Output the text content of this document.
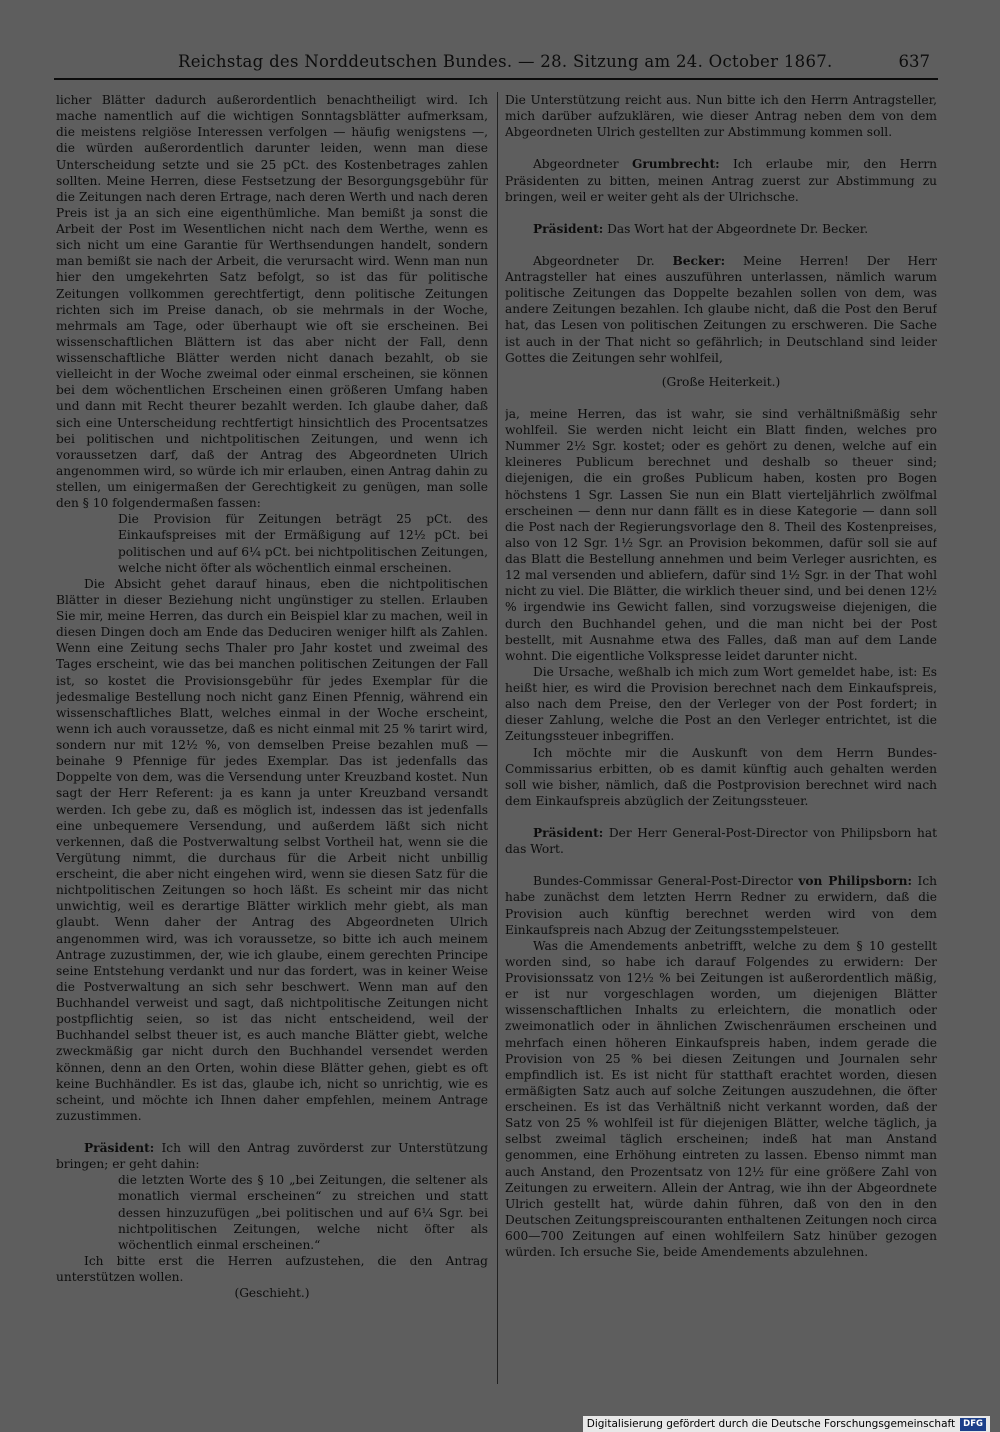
Reichstag des Norddeutschen Bundes. — 28. Sitzung am 24. October 1867.	637

licher Blätter dadurch außerordentlich benachtheiligt wird. Ich mache namentlich auf die wichtigen Sonntagsblätter aufmerksam, die meistens relgiöse Interessen verfolgen — häufig wenigstens —, die würden außerordentlich darunter leiden, wenn man diese Unterscheidung setzte und sie 25 pCt. des Kostenbetrages zahlen sollten. Meine Herren, diese Festsetzung der Besorgungsgebühr für die Zeitungen nach deren Ertrage, nach deren Werth und nach deren Preis ist ja an sich eine eigenthümliche. Man bemißt ja sonst die Arbeit der Post im Wesentlichen nicht nach dem Werthe, wenn es sich nicht um eine Garantie für Werthsendungen handelt, sondern man bemißt sie nach der Arbeit, die verursacht wird. Wenn man nun hier den umgekehrten Satz befolgt, so ist das für politische Zeitungen vollkommen gerechtfertigt, denn politische Zeitungen richten sich im Preise danach, ob sie mehrmals in der Woche, mehrmals am Tage, oder überhaupt wie oft sie erscheinen. Bei wissenschaftlichen Blättern ist das aber nicht der Fall, denn wissenschaftliche Blätter werden nicht danach bezahlt, ob sie vielleicht in der Woche zweimal oder einmal erscheinen, sie können bei dem wöchentlichen Erscheinen einen größeren Umfang haben und dann mit Recht theurer bezahlt werden. Ich glaube daher, daß sich eine Unterscheidung rechtfertigt hinsichtlich des Procentsatzes bei politischen und nichtpolitischen Zeitungen, und wenn ich voraussetzen darf, daß der Antrag des Abgeordneten Ulrich angenommen wird, so würde ich mir erlauben, einen Antrag dahin zu stellen, um einigermaßen der Gerechtigkeit zu genügen, man solle den § 10 folgendermaßen fassen:

Die Provision für Zeitungen beträgt 25 pCt. des Einkaufspreises mit der Ermäßigung auf 12½ pCt. bei politischen und auf 6¼ pCt. bei nichtpolitischen Zeitungen, welche nicht öfter als wöchentlich einmal erscheinen.

Die Absicht gehet darauf hinaus, eben die nichtpolitischen Blätter in dieser Beziehung nicht ungünstiger zu stellen. Erlauben Sie mir, meine Herren, das durch ein Beispiel klar zu machen, weil in diesen Dingen doch am Ende das Deduciren weniger hilft als Zahlen. Wenn eine Zeitung sechs Thaler pro Jahr kostet und zweimal des Tages erscheint, wie das bei manchen politischen Zeitungen der Fall ist, so kostet die Provisionsgebühr für jedes Exemplar für die jedesmalige Bestellung noch nicht ganz Einen Pfennig, während ein wissenschaftliches Blatt, welches einmal in der Woche erscheint, wenn ich auch voraussetze, daß es nicht einmal mit 25 % tarirt wird, sondern nur mit 12½ %, von demselben Preise bezahlen muß — beinahe 9 Pfennige für jedes Exemplar. Das ist jedenfalls das Doppelte von dem, was die Versendung unter Kreuzband kostet. Nun sagt der Herr Referent: ja es kann ja unter Kreuzband versandt werden. Ich gebe zu, daß es möglich ist, indessen das ist jedenfalls eine unbequemere Versendung, und außerdem läßt sich nicht verkennen, daß die Postverwaltung selbst Vortheil hat, wenn sie die Vergütung nimmt, die durchaus für die Arbeit nicht unbillig erscheint, die aber nicht eingehen wird, wenn sie diesen Satz für die nichtpolitischen Zeitungen so hoch läßt. Es scheint mir das nicht unwichtig, weil es derartige Blätter wirklich mehr giebt, als man glaubt. Wenn daher der Antrag des Abgeordneten Ulrich angenommen wird, was ich voraussetze, so bitte ich auch meinem Antrage zuzustimmen, der, wie ich glaube, einem gerechten Principe seine Entstehung verdankt und nur das fordert, was in keiner Weise die Postverwaltung an sich sehr beschwert. Wenn man auf den Buchhandel verweist und sagt, daß nichtpolitische Zeitungen nicht postpflichtig seien, so ist das nicht entscheidend, weil der Buchhandel selbst theuer ist, es auch manche Blätter giebt, welche zweckmäßig gar nicht durch den Buchhandel versendet werden können, denn an den Orten, wohin diese Blätter gehen, giebt es oft keine Buchhändler. Es ist das, glaube ich, nicht so unrichtig, wie es scheint, und möchte ich Ihnen daher empfehlen, meinem Antrage zuzustimmen.

Präsident: Ich will den Antrag zuvörderst zur Unterstützung bringen; er geht dahin:

die letzten Worte des § 10 „bei Zeitungen, die seltener als monatlich viermal erscheinen“ zu streichen und statt dessen hinzuzufügen „bei politischen und auf 6¼ Sgr. bei nichtpolitischen Zeitungen, welche nicht öfter als wöchentlich einmal erscheinen.“

Ich bitte erst die Herren aufzustehen, die den Antrag unterstützen wollen.

(Geschieht.)

Die Unterstützung reicht aus. Nun bitte ich den Herrn Antragsteller, mich darüber aufzuklären, wie dieser Antrag neben dem von dem Abgeordneten Ulrich gestellten zur Abstimmung kommen soll.

Abgeordneter Grumbrecht: Ich erlaube mir, den Herrn Präsidenten zu bitten, meinen Antrag zuerst zur Abstimmung zu bringen, weil er weiter geht als der Ulrichsche.

Präsident: Das Wort hat der Abgeordnete Dr. Becker.

Abgeordneter Dr. Becker: Meine Herren! Der Herr Antragsteller hat eines auszuführen unterlassen, nämlich warum politische Zeitungen das Doppelte bezahlen sollen von dem, was andere Zeitungen bezahlen. Ich glaube nicht, daß die Post den Beruf hat, das Lesen von politischen Zeitungen zu erschweren. Die Sache ist auch in der That nicht so gefährlich; in Deutschland sind leider Gottes die Zeitungen sehr wohlfeil,

(Große Heiterkeit.)

ja, meine Herren, das ist wahr, sie sind verhältnißmäßig sehr wohlfeil. Sie werden nicht leicht ein Blatt finden, welches pro Nummer 2½ Sgr. kostet; oder es gehört zu denen, welche auf ein kleineres Publicum berechnet und deshalb so theuer sind; diejenigen, die ein großes Publicum haben, kosten pro Bogen höchstens 1 Sgr. Lassen Sie nun ein Blatt vierteljährlich zwölfmal erscheinen — denn nur dann fällt es in diese Kategorie — dann soll die Post nach der Regierungsvorlage den 8. Theil des Kostenpreises, also von 12 Sgr. 1½ Sgr. an Provision bekommen, dafür soll sie auf das Blatt die Bestellung annehmen und beim Verleger ausrichten, es 12 mal versenden und abliefern, dafür sind 1½ Sgr. in der That wohl nicht zu viel. Die Blätter, die wirklich theuer sind, und bei denen 12½ % irgendwie ins Gewicht fallen, sind vorzugsweise diejenigen, die durch den Buchhandel gehen, und die man nicht bei der Post bestellt, mit Ausnahme etwa des Falles, daß man auf dem Lande wohnt. Die eigentliche Volkspresse leidet darunter nicht.

Die Ursache, weßhalb ich mich zum Wort gemeldet habe, ist: Es heißt hier, es wird die Provision berechnet nach dem Einkaufspreis, also nach dem Preise, den der Verleger von der Post fordert; in dieser Zahlung, welche die Post an den Verleger entrichtet, ist die Zeitungssteuer inbegriffen.

Ich möchte mir die Auskunft von dem Herrn Bundes-Commissarius erbitten, ob es damit künftig auch gehalten werden soll wie bisher, nämlich, daß die Postprovision berechnet wird nach dem Einkaufspreis abzüglich der Zeitungssteuer.

Präsident: Der Herr General-Post-Director von Philipsborn hat das Wort.

Bundes-Commissar General-Post-Director von Philipsborn: Ich habe zunächst dem letzten Herrn Redner zu erwidern, daß die Provision auch künftig berechnet werden wird von dem Einkaufspreis nach Abzug der Zeitungsstempelsteuer.

Was die Amendements anbetrifft, welche zu dem § 10 gestellt worden sind, so habe ich darauf Folgendes zu erwidern: Der Provisionssatz von 12½ % bei Zeitungen ist außerordentlich mäßig, er ist nur vorgeschlagen worden, um diejenigen Blätter wissenschaftlichen Inhalts zu erleichtern, die monatlich oder zweimonatlich oder in ähnlichen Zwischenräumen erscheinen und mehrfach einen höheren Einkaufspreis haben, indem gerade die Provision von 25 % bei diesen Zeitungen und Journalen sehr empfindlich ist. Es ist nicht für statthaft erachtet worden, diesen ermäßigten Satz auch auf solche Zeitungen auszudehnen, die öfter erscheinen. Es ist das Verhältniß nicht verkannt worden, daß der Satz von 25 % wohlfeil ist für diejenigen Blätter, welche täglich, ja selbst zweimal täglich erscheinen; indeß hat man Anstand genommen, eine Erhöhung eintreten zu lassen. Ebenso nimmt man auch Anstand, den Prozentsatz von 12½ für eine größere Zahl von Zeitungen zu erweitern. Allein der Antrag, wie ihn der Abgeordnete Ulrich gestellt hat, würde dahin führen, daß von den in den Deutschen Zeitungspreiscouranten enthaltenen Zeitungen noch circa 600—700 Zeitungen auf einen wohlfeilern Satz hinüber gezogen würden. Ich ersuche Sie, beide Amendements abzulehnen.

Digitalisierung gefördert durch die Deutsche Forschungsgemeinschaft DFG
